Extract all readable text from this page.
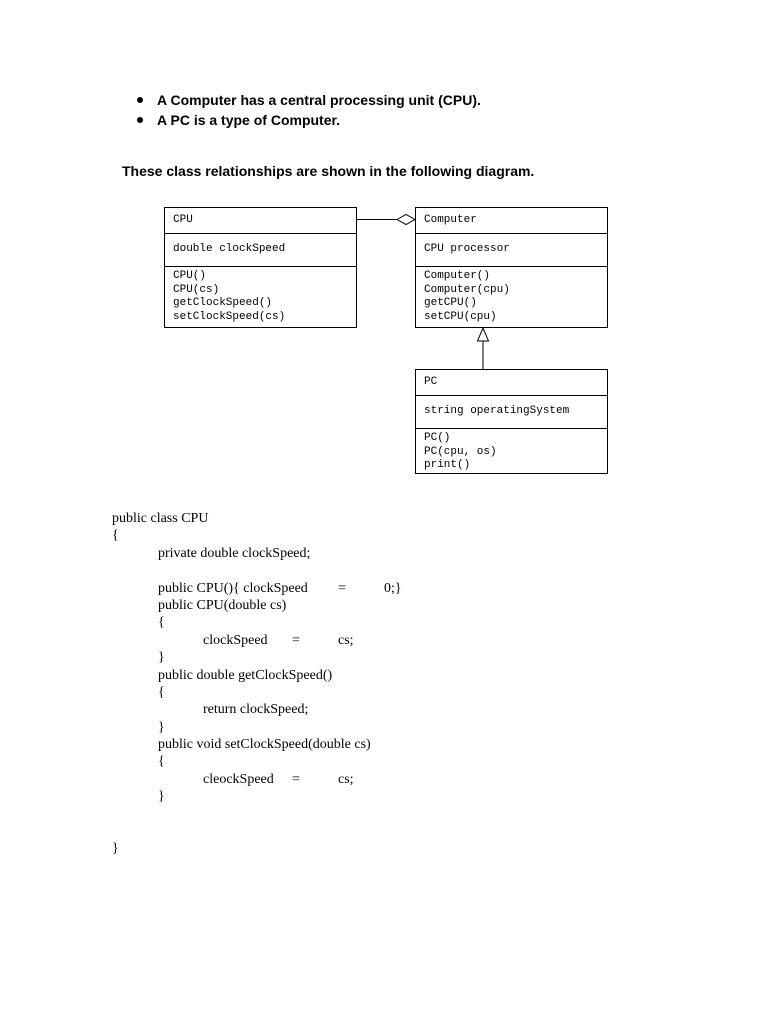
A Computer has a central processing unit (CPU).
A PC is a type of Computer.
These class relationships are shown in the following diagram.
CPU
double clockSpeed
CPU()
CPU(cs)
getClockSpeed()
setClockSpeed(cs)
Computer
CPU processor
Computer()
Computer(cpu)
getCPU()
setCPU(cpu)
PC
string operatingSystem
PC()
PC(cpu, os)
print()
public class CPU
{
private double clockSpeed;
public CPU(){ clockSpeed =	0;}
public CPU(double cs)
{
clockSpeed =	cs;
}
public double getClockSpeed()
{
return clockSpeed;
}
public void setClockSpeed(double cs)
{
cleockSpeed =	cs;
}
}
